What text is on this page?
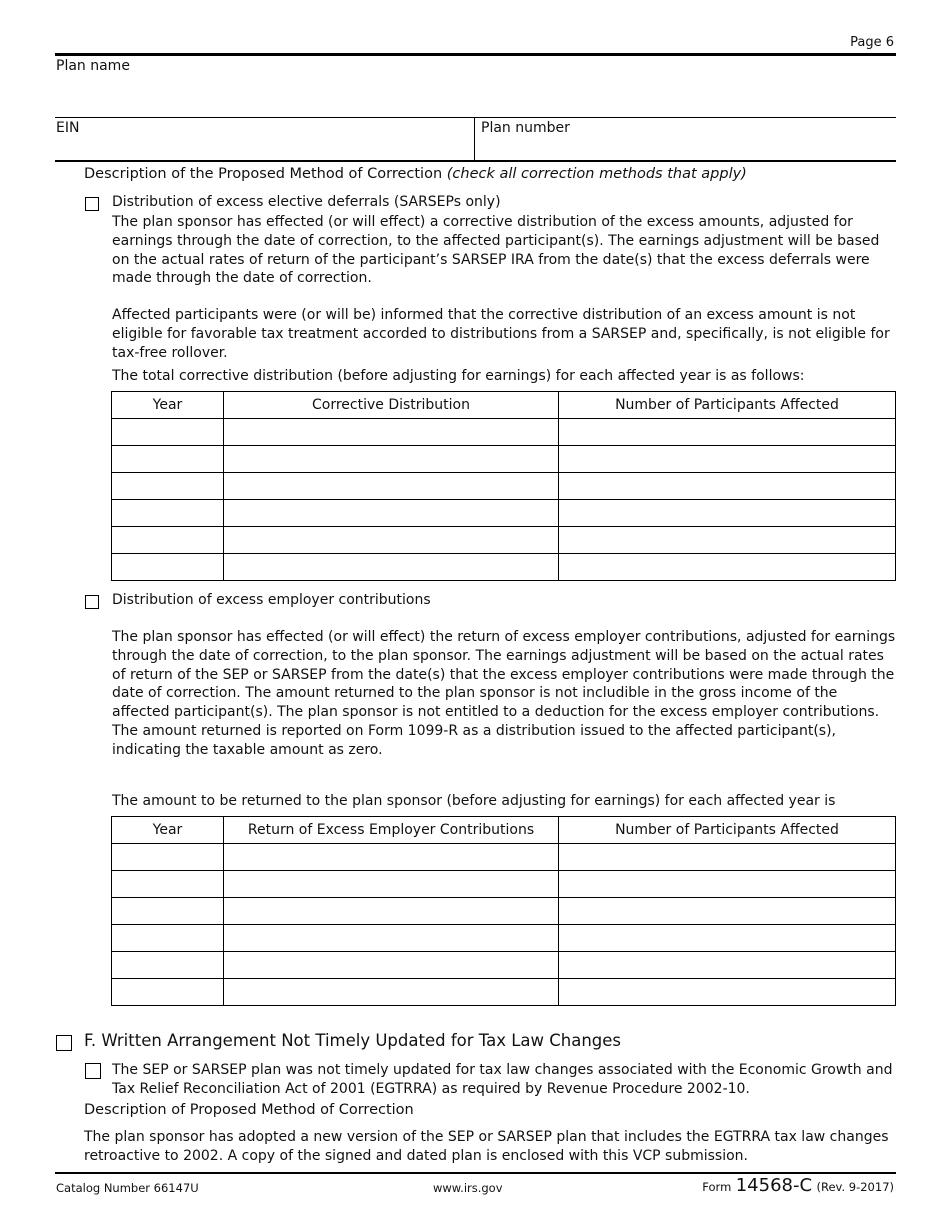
Page 6
Plan name
EIN	Plan number
Description of the Proposed Method of Correction (check all correction methods that apply)
Distribution of excess elective deferrals (SARSEPs only)
The plan sponsor has effected (or will effect) a corrective distribution of the excess amounts, adjusted for earnings through the date of correction, to the affected participant(s). The earnings adjustment will be based on the actual rates of return of the participant’s SARSEP IRA from the date(s) that the excess deferrals were made through the date of correction.
Affected participants were (or will be) informed that the corrective distribution of an excess amount is not eligible for favorable tax treatment accorded to distributions from a SARSEP and, specifically, is not eligible for tax-free rollover.
The total corrective distribution (before adjusting for earnings) for each affected year is as follows:
Year	Corrective Distribution	Number of Participants Affected

Distribution of excess employer contributions
The plan sponsor has effected (or will effect) the return of excess employer contributions, adjusted for earnings through the date of correction, to the plan sponsor. The earnings adjustment will be based on the actual rates of return of the SEP or SARSEP from the date(s) that the excess employer contributions were made through the date of correction. The amount returned to the plan sponsor is not includible in the gross income of the affected participant(s). The plan sponsor is not entitled to a deduction for the excess employer contributions. The amount returned is reported on Form 1099-R as a distribution issued to the affected participant(s), indicating the taxable amount as zero.
The amount to be returned to the plan sponsor (before adjusting for earnings) for each affected year is
Year	Return of Excess Employer Contributions	Number of Participants Affected

F. Written Arrangement Not Timely Updated for Tax Law Changes
The SEP or SARSEP plan was not timely updated for tax law changes associated with the Economic Growth and Tax Relief Reconciliation Act of 2001 (EGTRRA) as required by Revenue Procedure 2002-10.
Description of Proposed Method of Correction
The plan sponsor has adopted a new version of the SEP or SARSEP plan that includes the EGTRRA tax law changes retroactive to 2002. A copy of the signed and dated plan is enclosed with this VCP submission.
Catalog Number 66147U	www.irs.gov	Form 14568-C (Rev. 9-2017)
